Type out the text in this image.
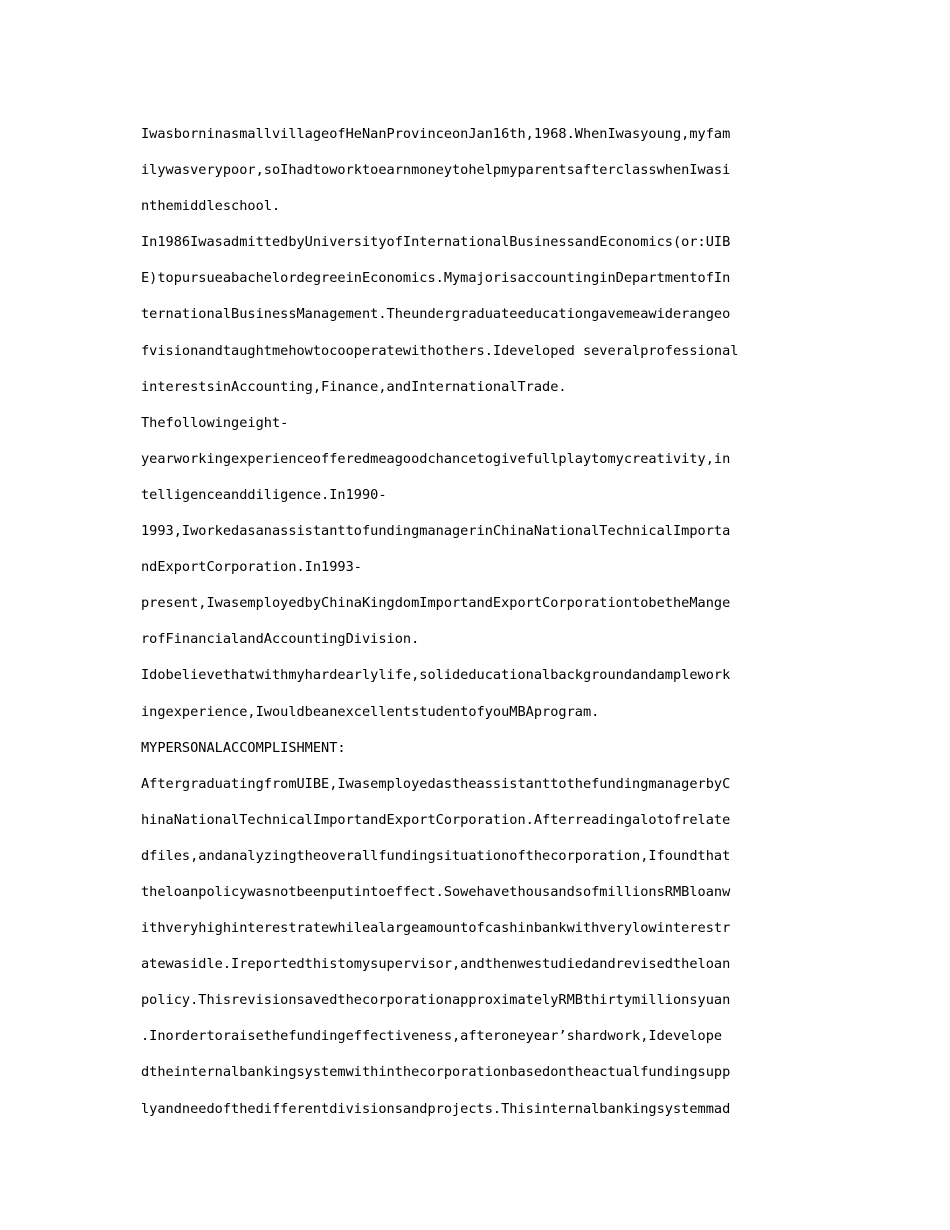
IwasborninasmallvillageofHeNanProvinceonJan16th,1968.WhenIwasyoung,myfam
ilywasverypoor,soIhadtoworktoearnmoneytohelpmyparentsafterclasswhenIwasi
nthemiddleschool.
In1986IwasadmittedbyUniversityofInternationalBusinessandEconomics(or:UIB
E)topursueabachelordegreeinEconomics.MymajorisaccountinginDepartmentofIn
ternationalBusinessManagement.Theundergraduateeducationgavemeawiderangeo
fvisionandtaughtmehowtocooperatewithothers.Ideveloped severalprofessional
interestsinAccounting,Finance,andInternationalTrade.
Thefollowingeight-
yearworkingexperienceofferedmeagoodchancetogivefullplaytomycreativity,in
telligenceanddiligence.In1990-
1993,IworkedasanassistanttofundingmanagerinChinaNationalTechnicalImporta
ndExportCorporation.In1993-
present,IwasemployedbyChinaKingdomImportandExportCorporationtobetheMange
rofFinancialandAccountingDivision.
Idobelievethatwithmyhardearlylife,solideducationalbackgroundandamplework
ingexperience,IwouldbeanexcellentstudentofyouMBAprogram.
MYPERSONALACCOMPLISHMENT:
AftergraduatingfromUIBE,IwasemployedastheassistanttothefundingmanagerbyC
hinaNationalTechnicalImportandExportCorporation.Afterreadingalotofrelate
dfiles,andanalyzingtheoverallfundingsituationofthecorporation,Ifoundthat
theloanpolicywasnotbeenputintoeffect.SowehavethousandsofmillionsRMBloanw
ithveryhighinterestratewhilealargeamountofcashinbankwithverylowinterestr
atewasidle.Ireportedthistomysupervisor,andthenwestudiedandrevisedtheloan
policy.ThisrevisionsavedthecorporationapproximatelyRMBthirtymillionsyuan
.Inordertoraisethefundingeffectiveness,afteroneyear’shardwork,Idevelope
dtheinternalbankingsystemwithinthecorporationbasedontheactualfundingsupp
lyandneedofthedifferentdivisionsandprojects.Thisinternalbankingsystemmad
